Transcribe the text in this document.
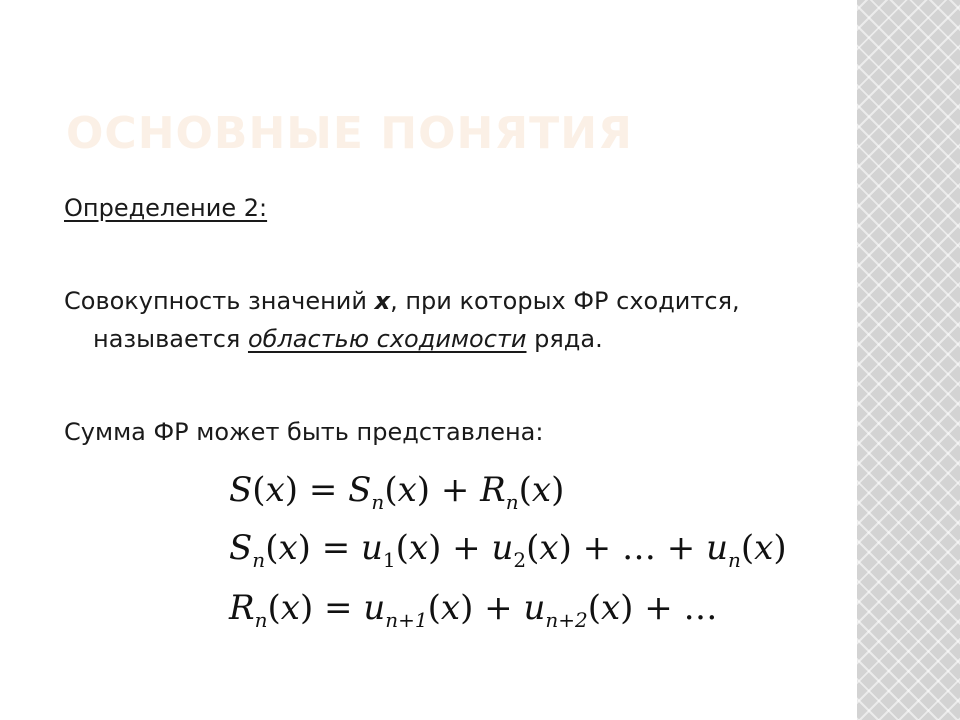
ОСНОВНЫЕ ПОНЯТИЯ

Определение 2:

Совокупность значений x, при которых ФР сходится,

называется областью сходимости ряда.

Сумма ФР может быть представлена:

$S(x) = S_n(x) + R_n(x)$
$S_n(x) = u_1(x) + u_2(x)$ + … + $u_n(x)$
$R_n(x) = u_{n+1}(x) + u_{n+2}(x)$ + …
